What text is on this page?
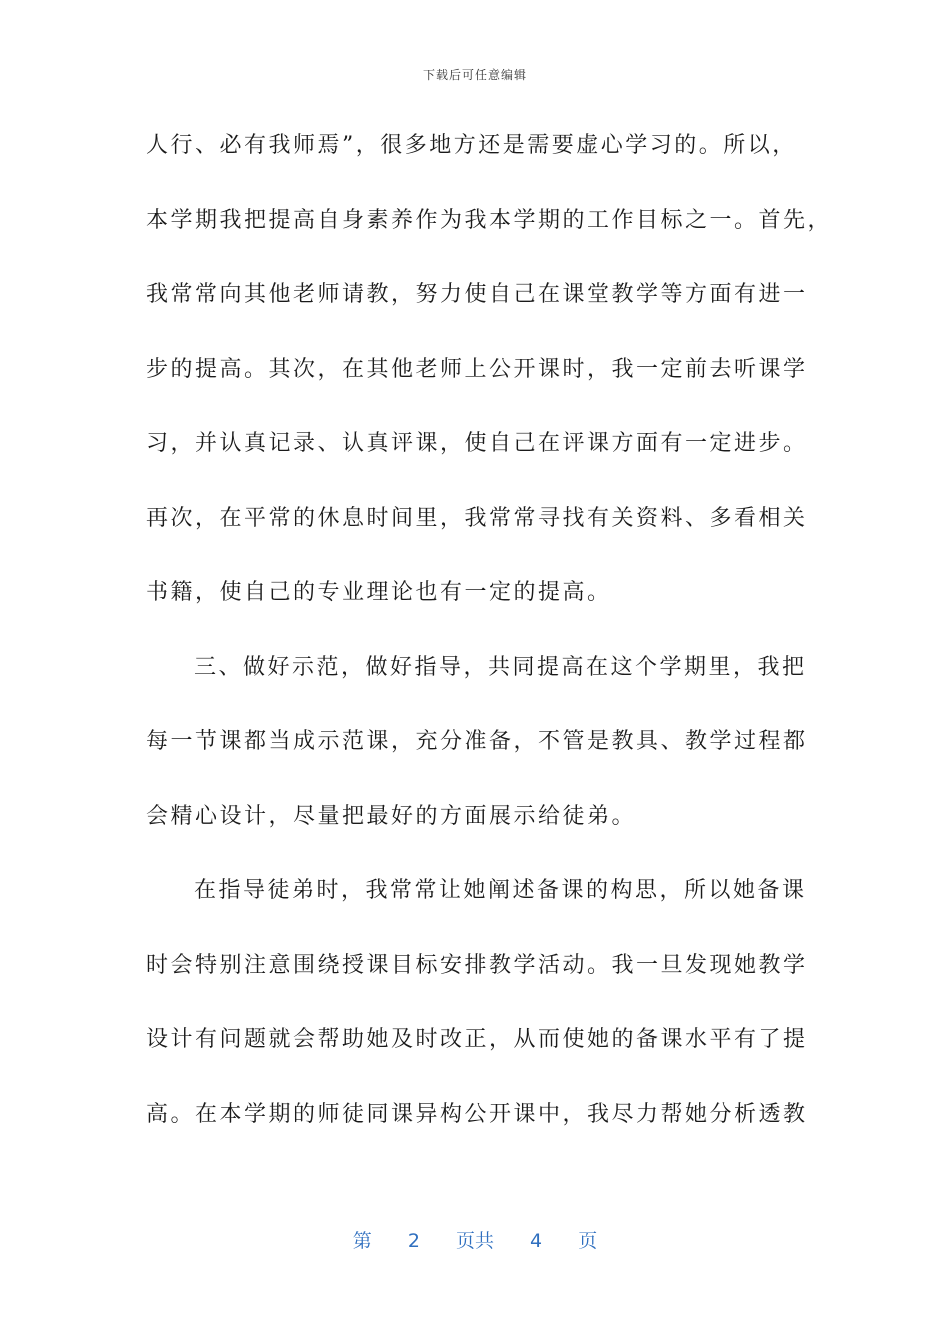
下载后可任意编辑
人行、必有我师焉”，很多地方还是需要虚心学习的。所以，
本学期我把提高自身素养作为我本学期的工作目标之一。首先，
我常常向其他老师请教，努力使自己在课堂教学等方面有进一
步的提高。其次，在其他老师上公开课时，我一定前去听课学
习，并认真记录、认真评课，使自己在评课方面有一定进步。
再次，在平常的休息时间里，我常常寻找有关资料、多看相关
书籍，使自己的专业理论也有一定的提高。
三、做好示范，做好指导，共同提高在这个学期里，我把
每一节课都当成示范课，充分准备，不管是教具、教学过程都
会精心设计，尽量把最好的方面展示给徒弟。
在指导徒弟时，我常常让她阐述备课的构思，所以她备课
时会特别注意围绕授课目标安排教学活动。我一旦发现她教学
设计有问题就会帮助她及时改正，从而使她的备课水平有了提
高。在本学期的师徒同课异构公开课中，我尽力帮她分析透教
第 2 页共 4 页
